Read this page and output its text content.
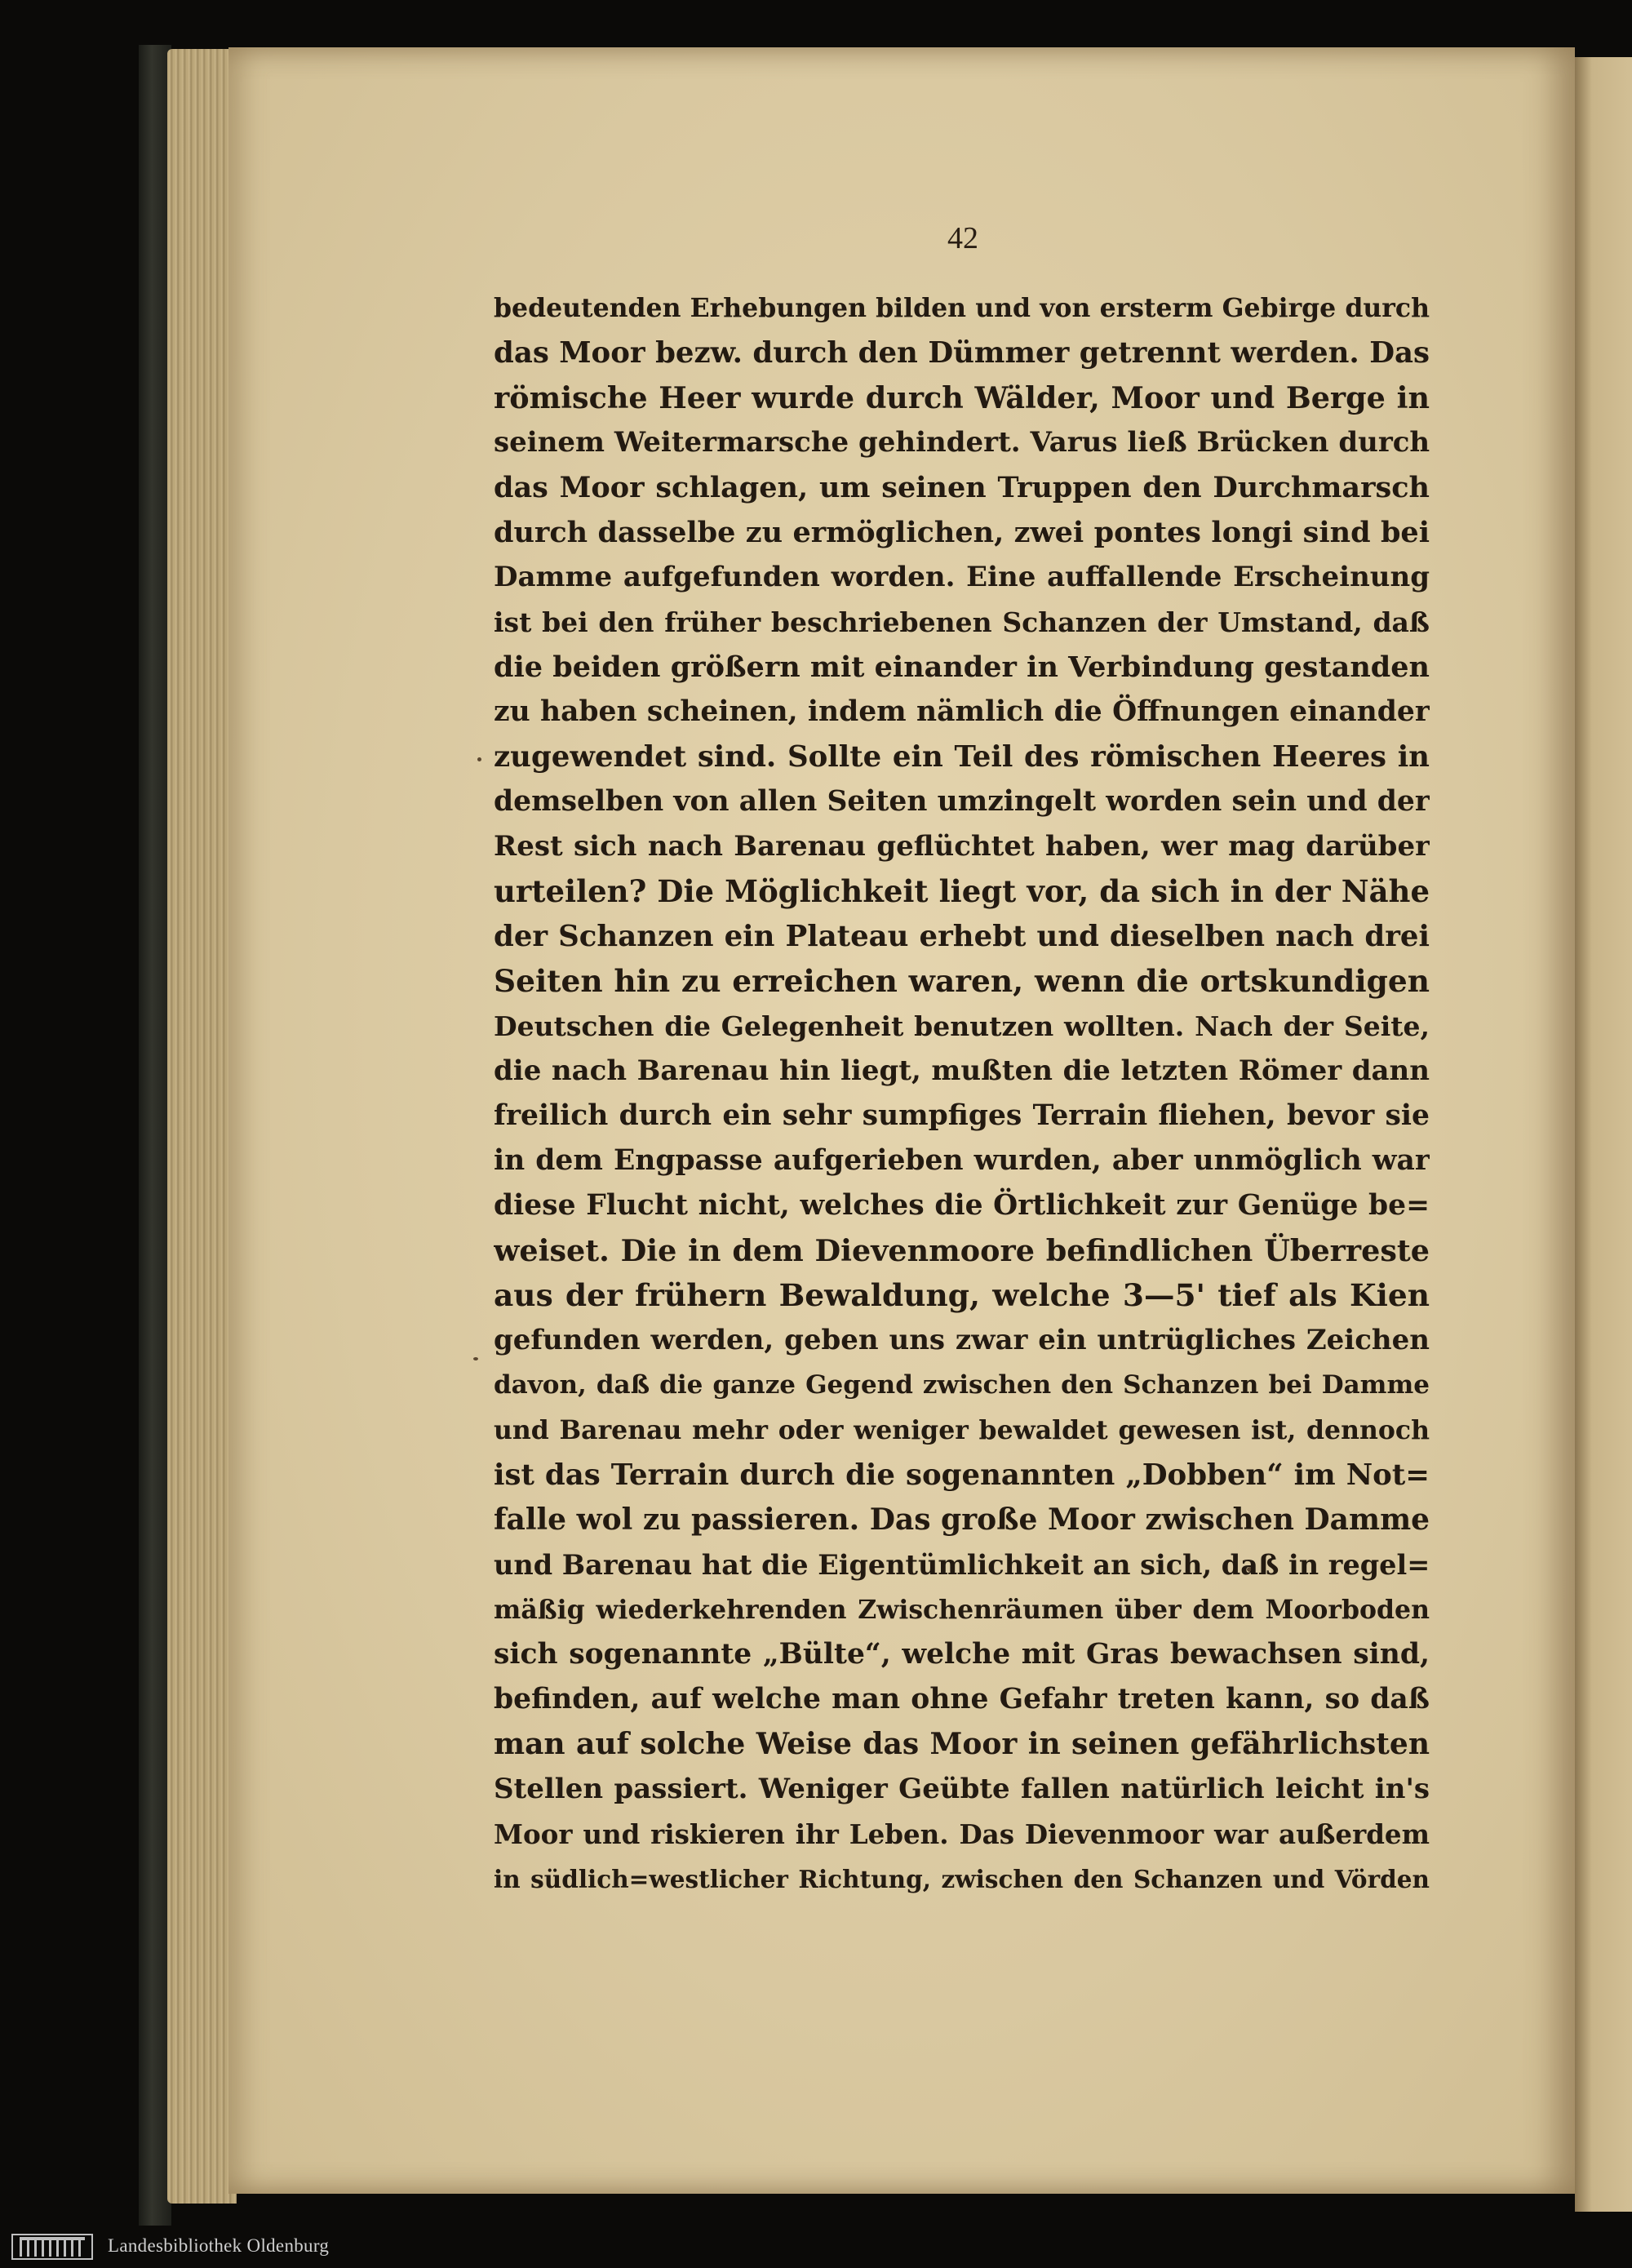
42
bedeutenden Erhebungen bilden und von ersterm Gebirge durch
das Moor bezw. durch den Dümmer getrennt werden. Das
römische Heer wurde durch Wälder, Moor und Berge in
seinem Weitermarsche gehindert. Varus ließ Brücken durch
das Moor schlagen, um seinen Truppen den Durchmarsch
durch dasselbe zu ermöglichen, zwei pontes longi sind bei
Damme aufgefunden worden. Eine auffallende Erscheinung
ist bei den früher beschriebenen Schanzen der Umstand, daß
die beiden größern mit einander in Verbindung gestanden
zu haben scheinen, indem nämlich die Öffnungen einander
zugewendet sind. Sollte ein Teil des römischen Heeres in
demselben von allen Seiten umzingelt worden sein und der
Rest sich nach Barenau geflüchtet haben, wer mag darüber
urteilen? Die Möglichkeit liegt vor, da sich in der Nähe
der Schanzen ein Plateau erhebt und dieselben nach drei
Seiten hin zu erreichen waren, wenn die ortskundigen
Deutschen die Gelegenheit benutzen wollten. Nach der Seite,
die nach Barenau hin liegt, mußten die letzten Römer dann
freilich durch ein sehr sumpfiges Terrain fliehen, bevor sie
in dem Engpasse aufgerieben wurden, aber unmöglich war
diese Flucht nicht, welches die Örtlichkeit zur Genüge be=
weiset. Die in dem Dievenmoore befindlichen Überreste
aus der frühern Bewaldung, welche 3—5' tief als Kien
gefunden werden, geben uns zwar ein untrügliches Zeichen
davon, daß die ganze Gegend zwischen den Schanzen bei Damme
und Barenau mehr oder weniger bewaldet gewesen ist, dennoch
ist das Terrain durch die sogenannten „Dobben“ im Not=
falle wol zu passieren. Das große Moor zwischen Damme
und Barenau hat die Eigentümlichkeit an sich, daß in regel=
mäßig wiederkehrenden Zwischenräumen über dem Moorboden
sich sogenannte „Bülte“, welche mit Gras bewachsen sind,
befinden, auf welche man ohne Gefahr treten kann, so daß
man auf solche Weise das Moor in seinen gefährlichsten
Stellen passiert. Weniger Geübte fallen natürlich leicht in's
Moor und riskieren ihr Leben. Das Dievenmoor war außerdem
in südlich=westlicher Richtung, zwischen den Schanzen und Vörden
Landesbibliothek Oldenburg
